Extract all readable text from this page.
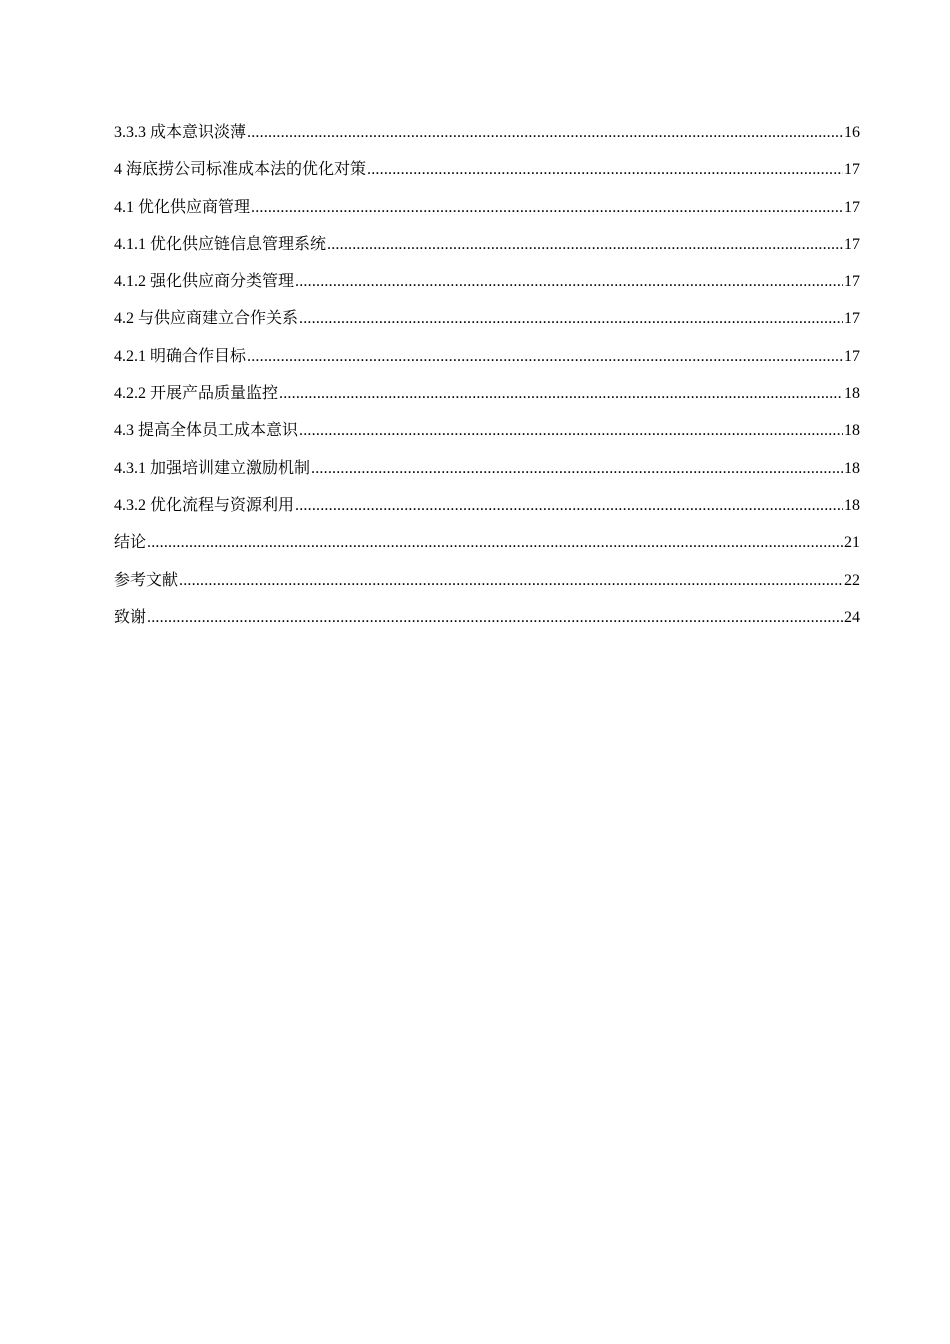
3.3.3 成本意识淡薄 .....	16
4 海底捞公司标准成本法的优化对策 .....	17
4.1 优化供应商管理 .....	17
4.1.1 优化供应链信息管理系统 .....	17
4.1.2 强化供应商分类管理 .....	17
4.2 与供应商建立合作关系 .....	17
4.2.1 明确合作目标 .....	17
4.2.2 开展产品质量监控 .....	18
4.3 提高全体员工成本意识 .....	18
4.3.1 加强培训建立激励机制 .....	18
4.3.2 优化流程与资源利用 .....	18
结论 .....	21
参考文献 .....	22
致谢 .....	24
